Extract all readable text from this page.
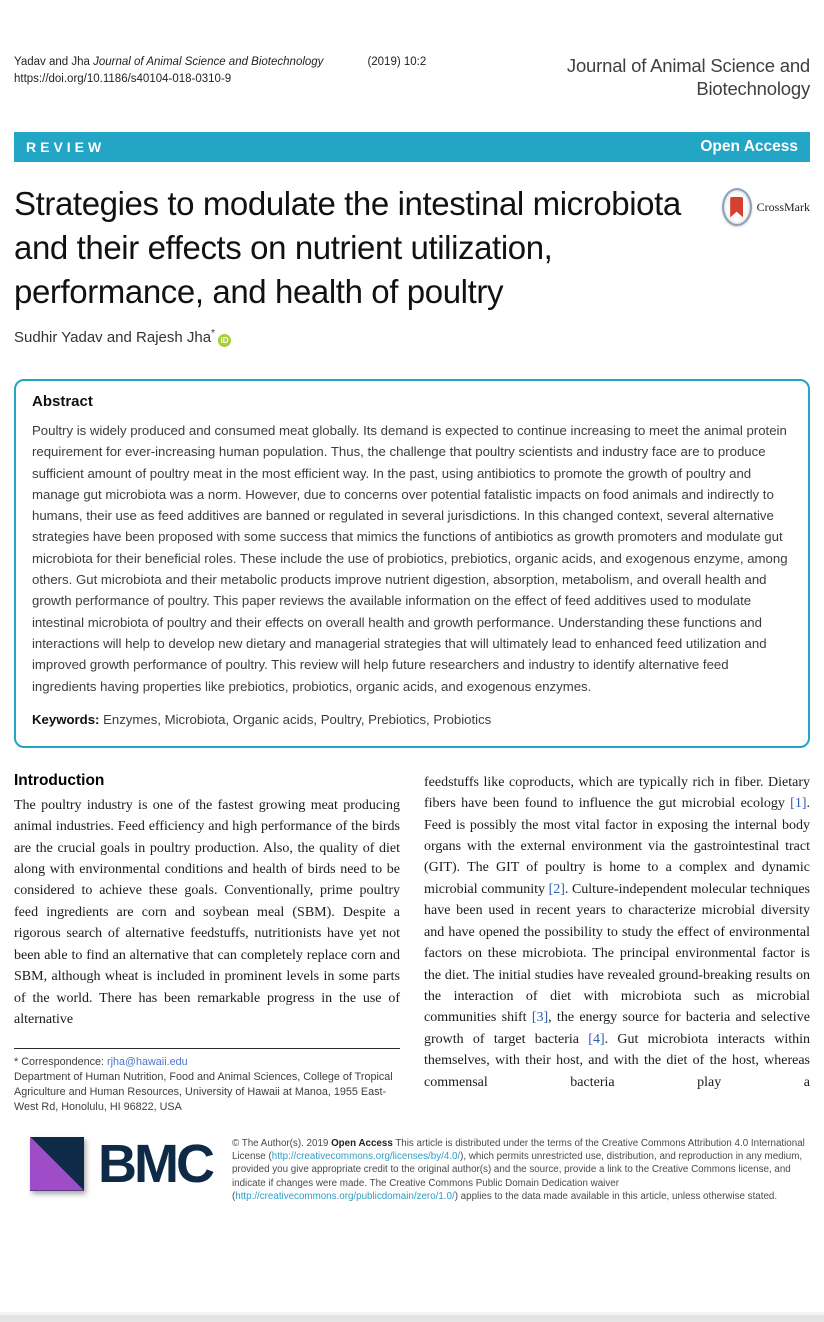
Yadav and Jha Journal of Animal Science and Biotechnology	(2019) 10:2
https://doi.org/10.1186/s40104-018-0310-9
Journal of Animal Science and
Biotechnology
REVIEW	Open Access
Strategies to modulate the intestinal microbiota and their effects on nutrient utilization, performance, and health of poultry
CrossMark
Sudhir Yadav and Rajesh Jha*iD
Abstract

Poultry is widely produced and consumed meat globally. Its demand is expected to continue increasing to meet the animal protein requirement for ever-increasing human population. Thus, the challenge that poultry scientists and industry face are to produce sufficient amount of poultry meat in the most efficient way. In the past, using antibiotics to promote the growth of poultry and manage gut microbiota was a norm. However, due to concerns over potential fatalistic impacts on food animals and indirectly to humans, their use as feed additives are banned or regulated in several jurisdictions. In this changed context, several alternative strategies have been proposed with some success that mimics the functions of antibiotics as growth promoters and modulate gut microbiota for their beneficial roles. These include the use of probiotics, prebiotics, organic acids, and exogenous enzyme, among others. Gut microbiota and their metabolic products improve nutrient digestion, absorption, metabolism, and overall health and growth performance of poultry. This paper reviews the available information on the effect of feed additives used to modulate intestinal microbiota of poultry and their effects on overall health and growth performance. Understanding these functions and interactions will help to develop new dietary and managerial strategies that will ultimately lead to enhanced feed utilization and improved growth performance of poultry. This review will help future researchers and industry to identify alternative feed ingredients having properties like prebiotics, probiotics, organic acids, and exogenous enzymes.

Keywords: Enzymes, Microbiota, Organic acids, Poultry, Prebiotics, Probiotics
Introduction

The poultry industry is one of the fastest growing meat producing animal industries. Feed efficiency and high performance of the birds are the crucial goals in poultry production. Also, the quality of diet along with environmental conditions and health of birds need to be considered to achieve these goals. Conventionally, prime poultry feed ingredients are corn and soybean meal (SBM). Despite a rigorous search of alternative feedstuffs, nutritionists have yet not been able to find an alternative that can completely replace corn and SBM, although wheat is included in prominent levels in some parts of the world. There has been remarkable progress in the use of alternative

* Correspondence: rjha@hawaii.edu
Department of Human Nutrition, Food and Animal Sciences, College of Tropical Agriculture and Human Resources, University of Hawaii at Manoa, 1955 East-West Rd, Honolulu, HI 96822, USA

feedstuffs like coproducts, which are typically rich in fiber. Dietary fibers have been found to influence the gut microbial ecology [1]. Feed is possibly the most vital factor in exposing the internal body organs with the external environment via the gastrointestinal tract (GIT). The GIT of poultry is home to a complex and dynamic microbial community [2]. Culture-independent molecular techniques have been used in recent years to characterize microbial diversity and have opened the possibility to study the effect of environmental factors on these microbiota. The principal environmental factor is the diet. The initial studies have revealed ground-breaking results on the interaction of diet with microbiota such as microbial communities shift [3], the energy source for bacteria and selective growth of target bacteria [4]. Gut microbiota interacts within themselves, with their host, and with the diet of the host, whereas commensal bacteria play a

BMC © The Author(s). 2019 Open Access This article is distributed under the terms of the Creative Commons Attribution 4.0 International License (http://creativecommons.org/licenses/by/4.0/), which permits unrestricted use, distribution, and reproduction in any medium, provided you give appropriate credit to the original author(s) and the source, provide a link to the Creative Commons license, and indicate if changes were made. The Creative Commons Public Domain Dedication waiver (http://creativecommons.org/publicdomain/zero/1.0/) applies to the data made available in this article, unless otherwise stated.
